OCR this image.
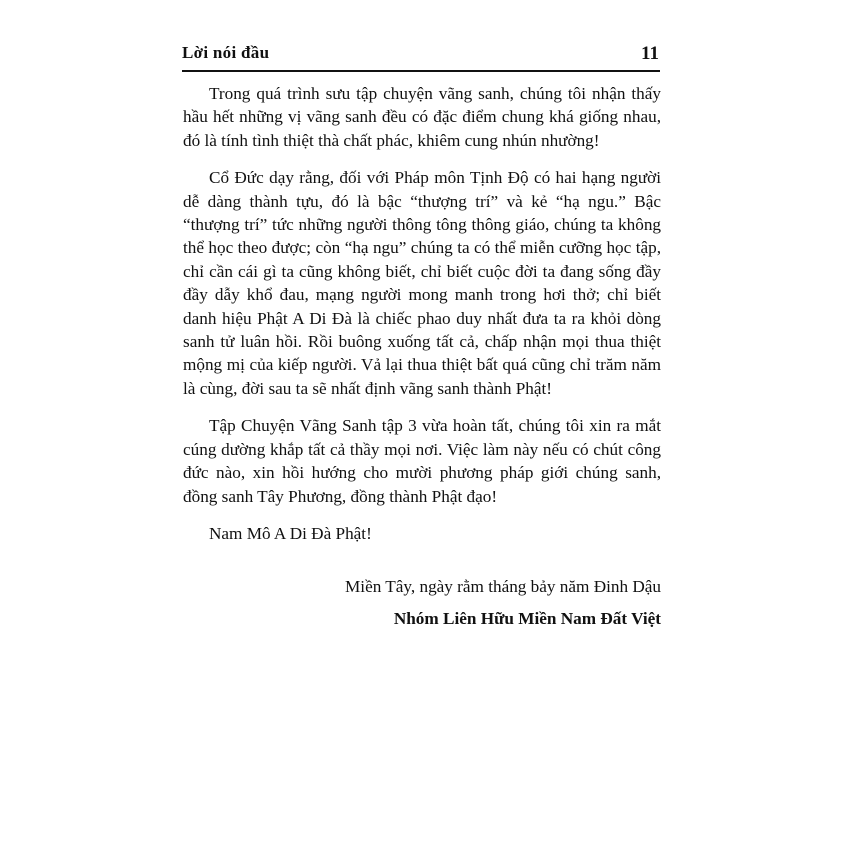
Lời nói đầu	11

Trong quá trình sưu tập chuyện vãng sanh, chúng tôi nhận thấy hầu hết những vị vãng sanh đều có đặc điểm chung khá giống nhau, đó là tính tình thiệt thà chất phác, khiêm cung nhún nhường!

Cổ Đức dạy rằng, đối với Pháp môn Tịnh Độ có hai hạng người dễ dàng thành tựu, đó là bậc “thượng trí” và kẻ “hạ ngu.” Bậc “thượng trí” tức những người thông tông thông giáo, chúng ta không thể học theo được; còn “hạ ngu” chúng ta có thể miễn cưỡng học tập, chỉ cần cái gì ta cũng không biết, chỉ biết cuộc đời ta đang sống đầy đầy dẫy khổ đau, mạng người mong manh trong hơi thở; chỉ biết danh hiệu Phật A Di Đà là chiếc phao duy nhất đưa ta ra khỏi dòng sanh tử luân hồi. Rồi buông xuống tất cả, chấp nhận mọi thua thiệt mộng mị của kiếp người. Vả lại thua thiệt bất quá cũng chỉ trăm năm là cùng, đời sau ta sẽ nhất định vãng sanh thành Phật!

Tập Chuyện Vãng Sanh tập 3 vừa hoàn tất, chúng tôi xin ra mắt cúng dường khắp tất cả thầy mọi nơi. Việc làm này nếu có chút công đức nào, xin hồi hướng cho mười phương pháp giới chúng sanh, đồng sanh Tây Phương, đồng thành Phật đạo!

Nam Mô A Di Đà Phật!

Miền Tây, ngày rằm tháng bảy năm Đinh Dậu

Nhóm Liên Hữu Miền Nam Đất Việt
